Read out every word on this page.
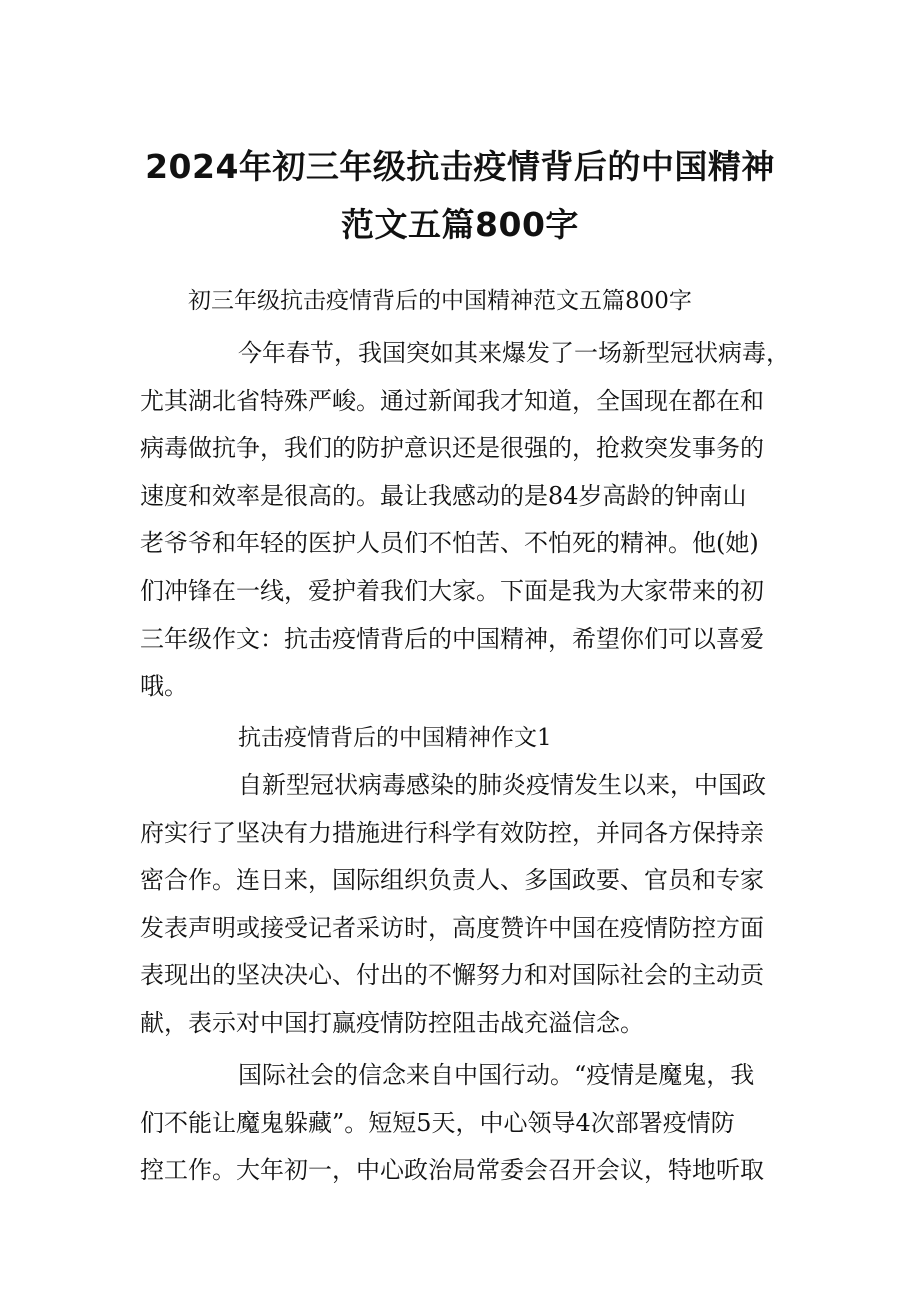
2024年初三年级抗击疫情背后的中国精神
范文五篇800字
初三年级抗击疫情背后的中国精神范文五篇800字
今年春节，我国突如其来爆发了一场新型冠状病毒，
尤其湖北省特殊严峻。通过新闻我才知道，全国现在都在和
病毒做抗争，我们的防护意识还是很强的，抢救突发事务的
速度和效率是很高的。最让我感动的是84岁高龄的钟南山
老爷爷和年轻的医护人员们不怕苦、不怕死的精神。他(她)
们冲锋在一线，爱护着我们大家。下面是我为大家带来的初
三年级作文：抗击疫情背后的中国精神，希望你们可以喜爱
哦。
抗击疫情背后的中国精神作文1
自新型冠状病毒感染的肺炎疫情发生以来，中国政
府实行了坚决有力措施进行科学有效防控，并同各方保持亲
密合作。连日来，国际组织负责人、多国政要、官员和专家
发表声明或接受记者采访时，高度赞许中国在疫情防控方面
表现出的坚决决心、付出的不懈努力和对国际社会的主动贡
献，表示对中国打赢疫情防控阻击战充溢信念。
国际社会的信念来自中国行动。“疫情是魔鬼，我
们不能让魔鬼躲藏”。短短5天，中心领导4次部署疫情防
控工作。大年初一，中心政治局常委会召开会议，特地听取
